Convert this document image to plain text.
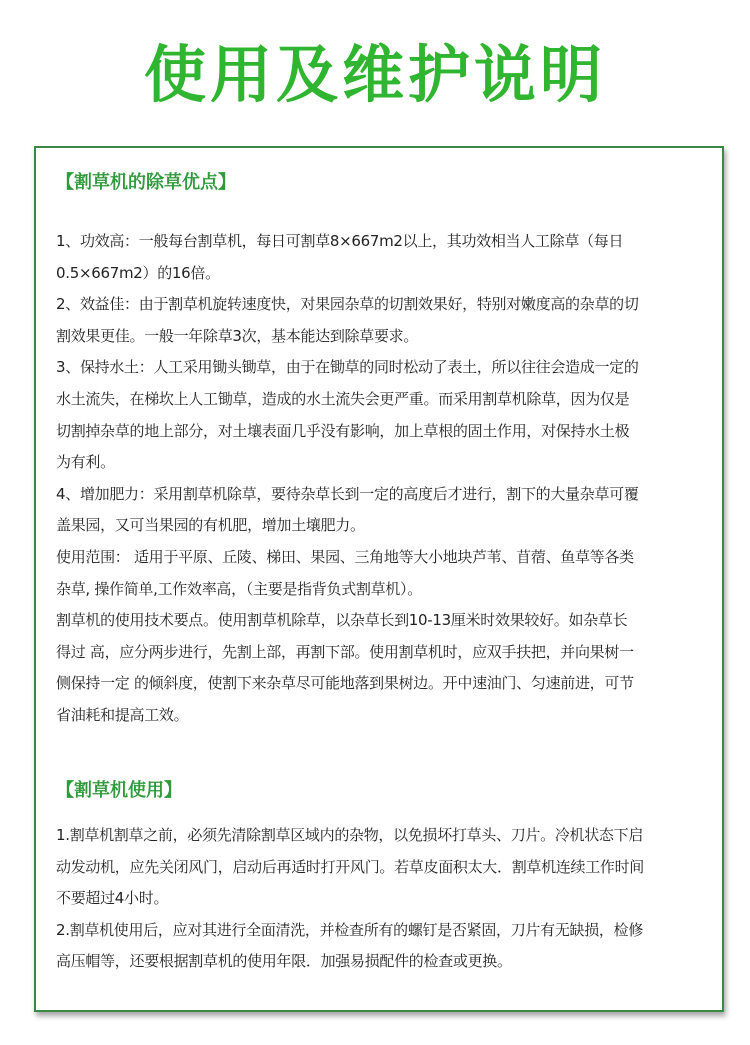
使用及维护说明
【割草机的除草优点】
1、功效高：一般每台割草机，每日可割草8×667m2以上，其功效相当人工除草（每日
0.5×667m2）的16倍。
2、效益佳：由于割草机旋转速度快，对果园杂草的切割效果好，特别对嫩度高的杂草的切
割效果更佳。一般一年除草3次，基本能达到除草要求。
3、保持水土：人工采用锄头锄草，由于在锄草的同时松动了表土，所以往往会造成一定的
水土流失，在梯坎上人工锄草，造成的水土流失会更严重。而采用割草机除草，因为仅是
切割掉杂草的地上部分，对土壤表面几乎没有影响，加上草根的固土作用，对保持水土极
为有利。
4、增加肥力：采用割草机除草，要待杂草长到一定的高度后才进行，割下的大量杂草可覆
盖果园，又可当果园的有机肥，增加土壤肥力。
使用范围： 适用于平原、丘陵、梯田、果园、三角地等大小地块芦苇、苜蓿、鱼草等各类
杂草, 操作简单,工作效率高，（主要是指背负式割草机）。
割草机的使用技术要点。使用割草机除草，以杂草长到10-13厘米时效果较好。如杂草长
得过 高，应分两步进行，先割上部，再割下部。使用割草机时，应双手扶把，并向果树一
侧保持一定 的倾斜度，使割下来杂草尽可能地落到果树边。开中速油门、匀速前进，可节
省油耗和提高工效。
【割草机使用】
1.割草机割草之前，必须先清除割草区域内的杂物，以免损坏打草头、刀片。冷机状态下启
动发动机，应先关闭风门，启动后再适时打开风门。若草皮面积太大．割草机连续工作时间
不要超过4小时。
2.割草机使用后，应对其进行全面清洗，并检查所有的螺钉是否紧固，刀片有无缺损，检修
高压帽等，还要根据割草机的使用年限．加强易损配件的检查或更换。
